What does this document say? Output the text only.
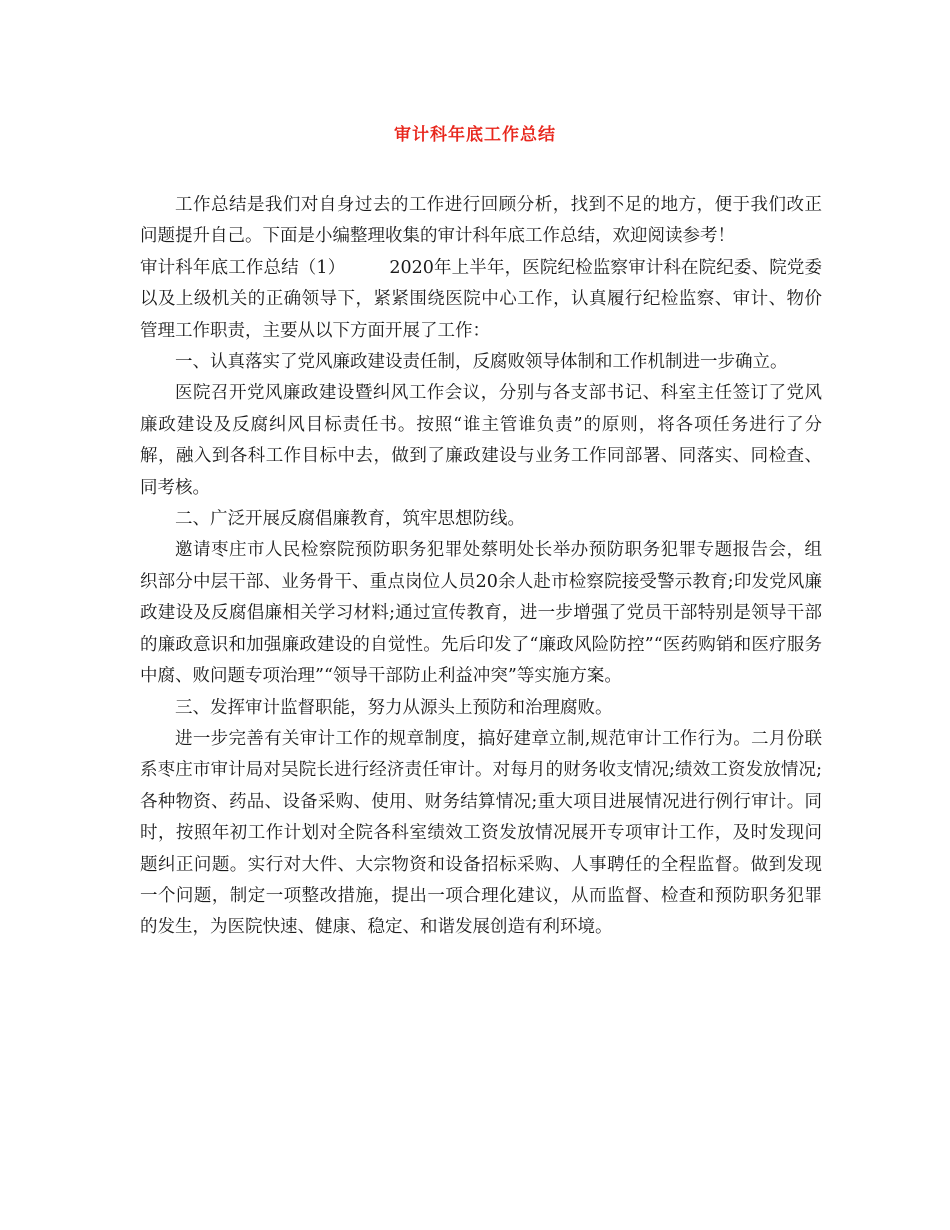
审计科年底工作总结

工作总结是我们对自身过去的工作进行回顾分析，找到不足的地方，便于我们改正问题提升自己。下面是小编整理收集的审计科年底工作总结，欢迎阅读参考！

审计科年底工作总结（1）	2020年上半年，医院纪检监察审计科在院纪委、院党委以及上级机关的正确领导下，紧紧围绕医院中心工作，认真履行纪检监察、审计、物价管理工作职责，主要从以下方面开展了工作：

一、认真落实了党风廉政建设责任制，反腐败领导体制和工作机制进一步确立。

医院召开党风廉政建设暨纠风工作会议，分别与各支部书记、科室主任签订了党风廉政建设及反腐纠风目标责任书。按照“谁主管谁负责”的原则，将各项任务进行了分解，融入到各科工作目标中去，做到了廉政建设与业务工作同部署、同落实、同检查、同考核。

二、广泛开展反腐倡廉教育，筑牢思想防线。

邀请枣庄市人民检察院预防职务犯罪处蔡明处长举办预防职务犯罪专题报告会，组织部分中层干部、业务骨干、重点岗位人员20余人赴市检察院接受警示教育;印发党风廉政建设及反腐倡廉相关学习材料;通过宣传教育，进一步增强了党员干部特别是领导干部的廉政意识和加强廉政建设的自觉性。先后印发了“廉政风险防控”“医药购销和医疗服务中腐、败问题专项治理”“领导干部防止利益冲突”等实施方案。

三、发挥审计监督职能，努力从源头上预防和治理腐败。

进一步完善有关审计工作的规章制度，搞好建章立制,规范审计工作行为。二月份联系枣庄市审计局对吴院长进行经济责任审计。对每月的财务收支情况;绩效工资发放情况;各种物资、药品、设备采购、使用、财务结算情况;重大项目进展情况进行例行审计。同时，按照年初工作计划对全院各科室绩效工资发放情况展开专项审计工作，及时发现问题纠正问题。实行对大件、大宗物资和设备招标采购、人事聘任的全程监督。做到发现一个问题，制定一项整改措施，提出一项合理化建议，从而监督、检查和预防职务犯罪的发生，为医院快速、健康、稳定、和谐发展创造有利环境。
